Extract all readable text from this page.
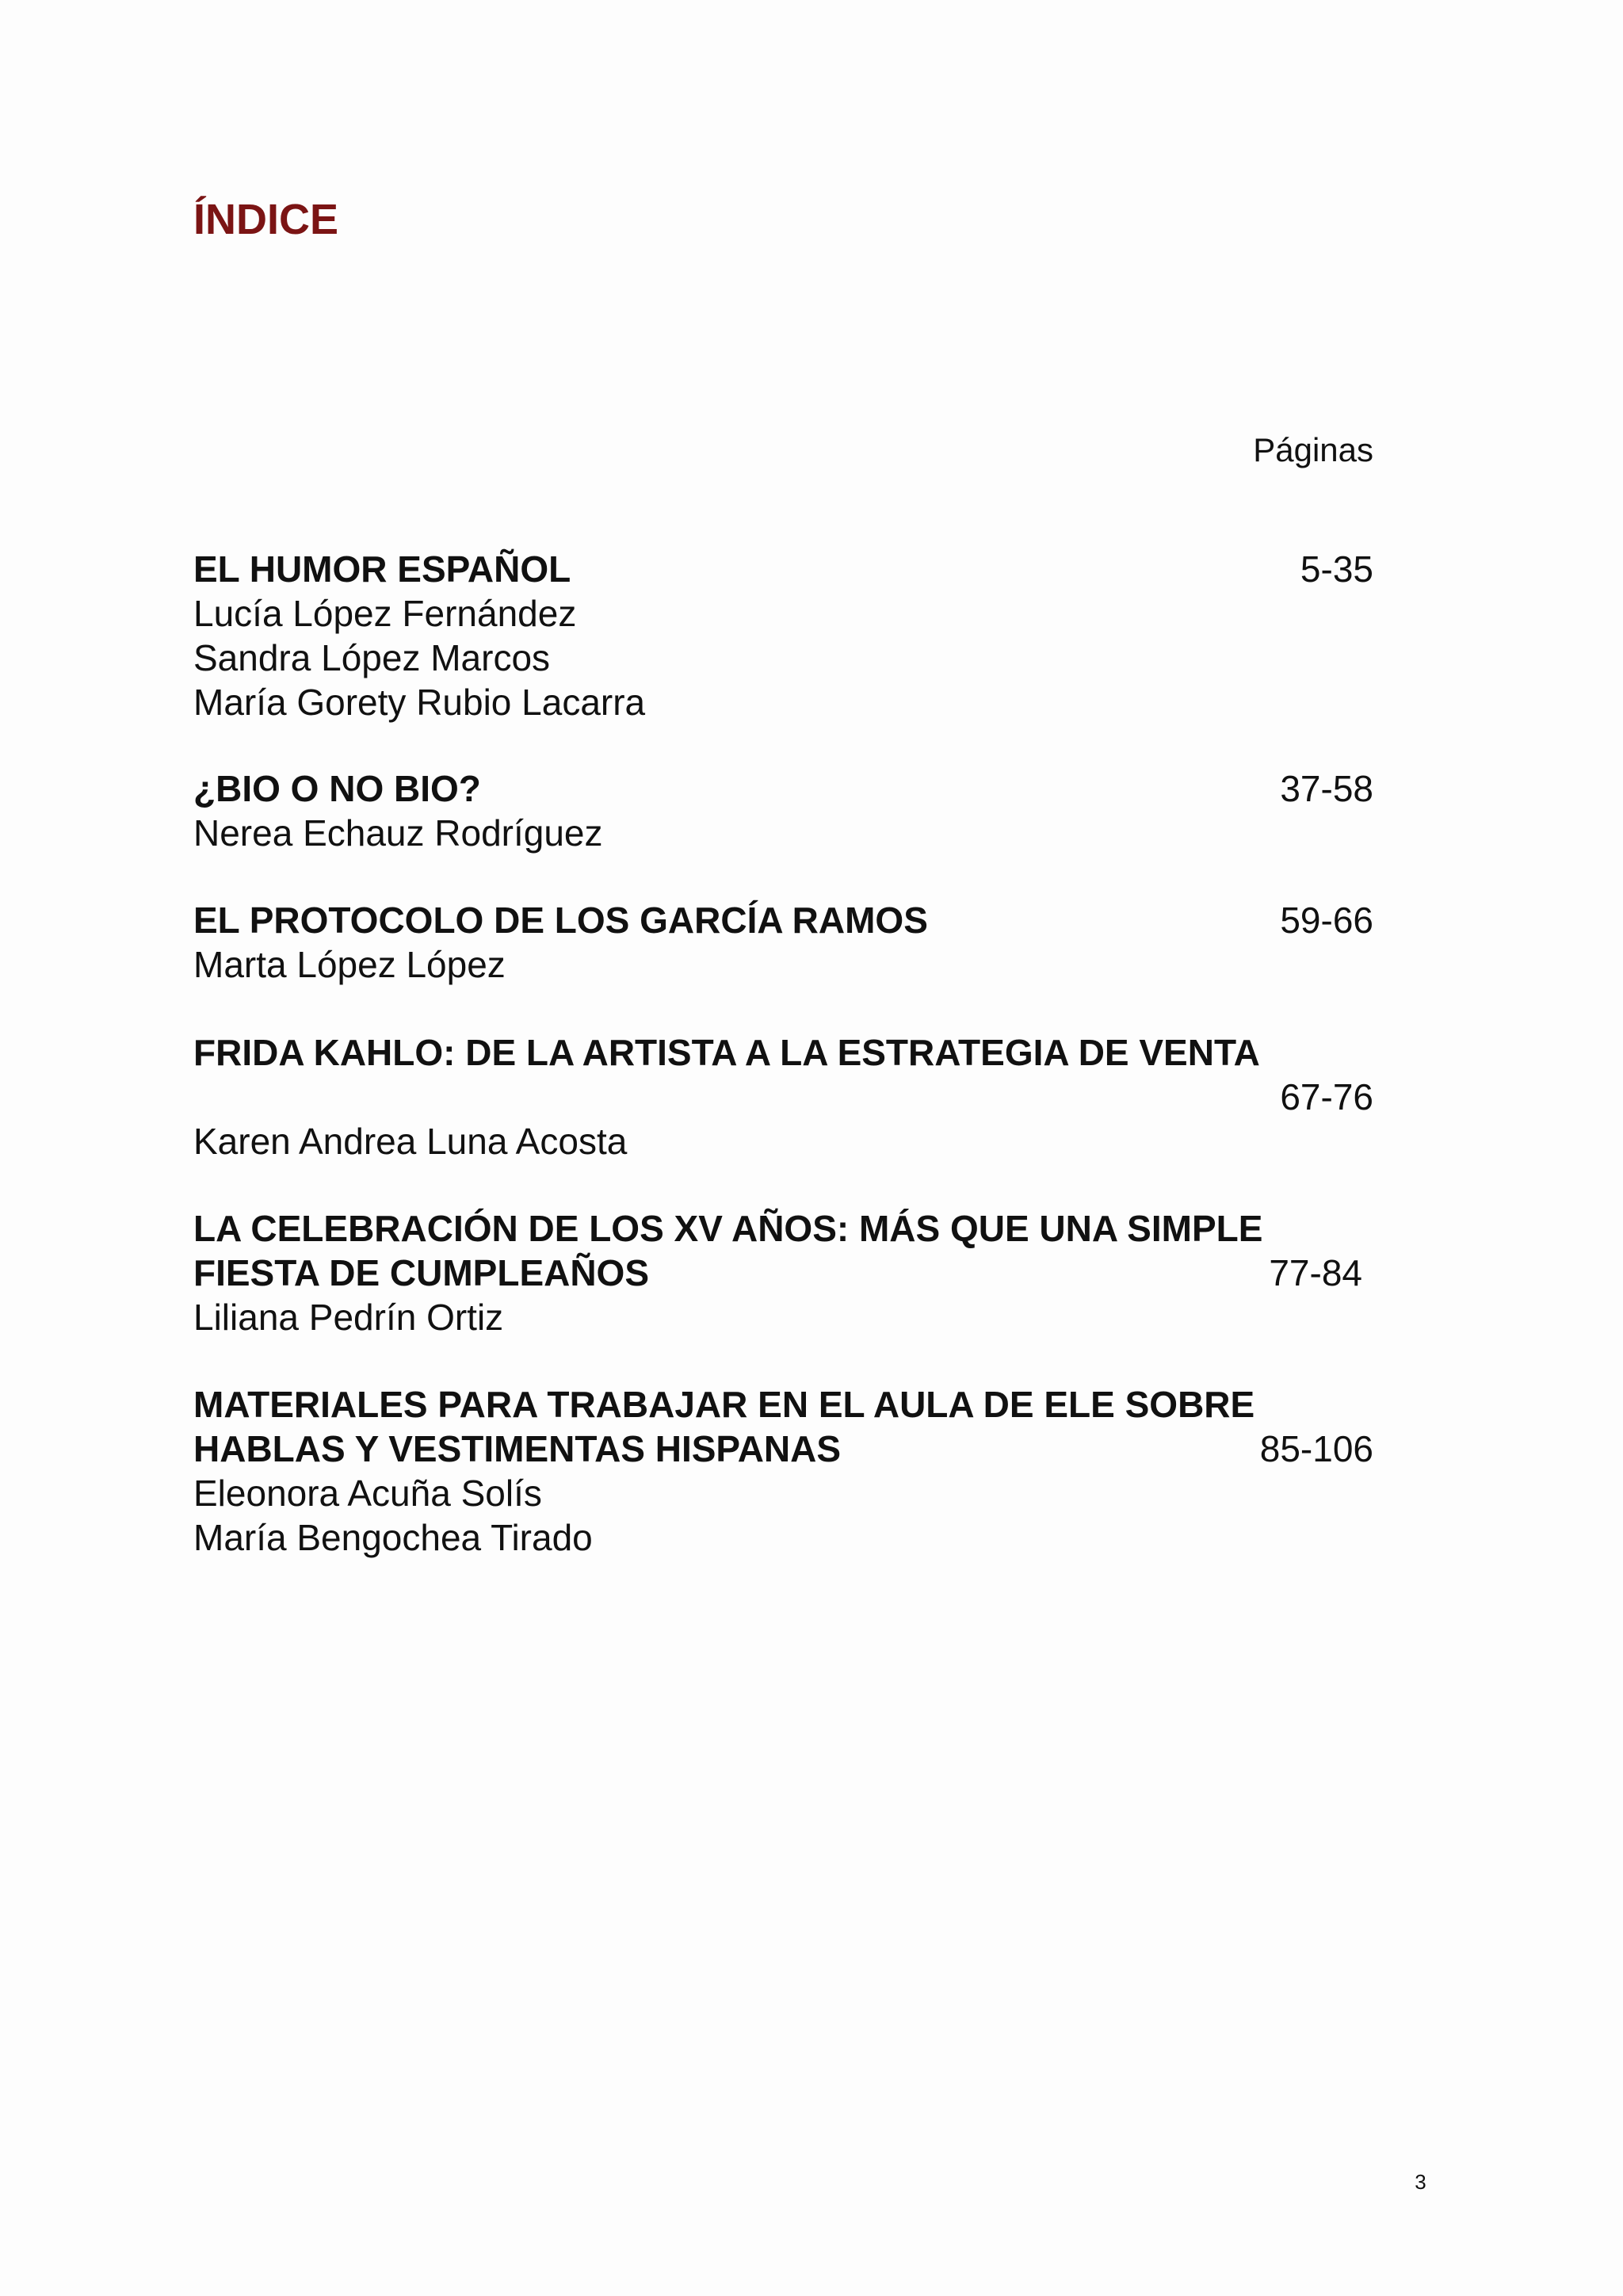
ÍNDICE
Páginas
EL HUMOR ESPAÑOL	5-35
Lucía López Fernández
Sandra López Marcos
María Gorety Rubio Lacarra
¿BIO O NO BIO?	37-58
Nerea Echauz Rodríguez
EL PROTOCOLO DE LOS GARCÍA RAMOS	59-66
Marta López López
FRIDA KAHLO: DE LA ARTISTA A LA ESTRATEGIA DE VENTA
67-76
Karen Andrea Luna Acosta
LA CELEBRACIÓN DE LOS XV AÑOS: MÁS QUE UNA SIMPLE
FIESTA DE CUMPLEAÑOS	77-84
Liliana Pedrín Ortiz
MATERIALES PARA TRABAJAR EN EL AULA DE ELE SOBRE
HABLAS Y VESTIMENTAS HISPANAS	85-106
Eleonora Acuña Solís
María Bengochea Tirado
3
